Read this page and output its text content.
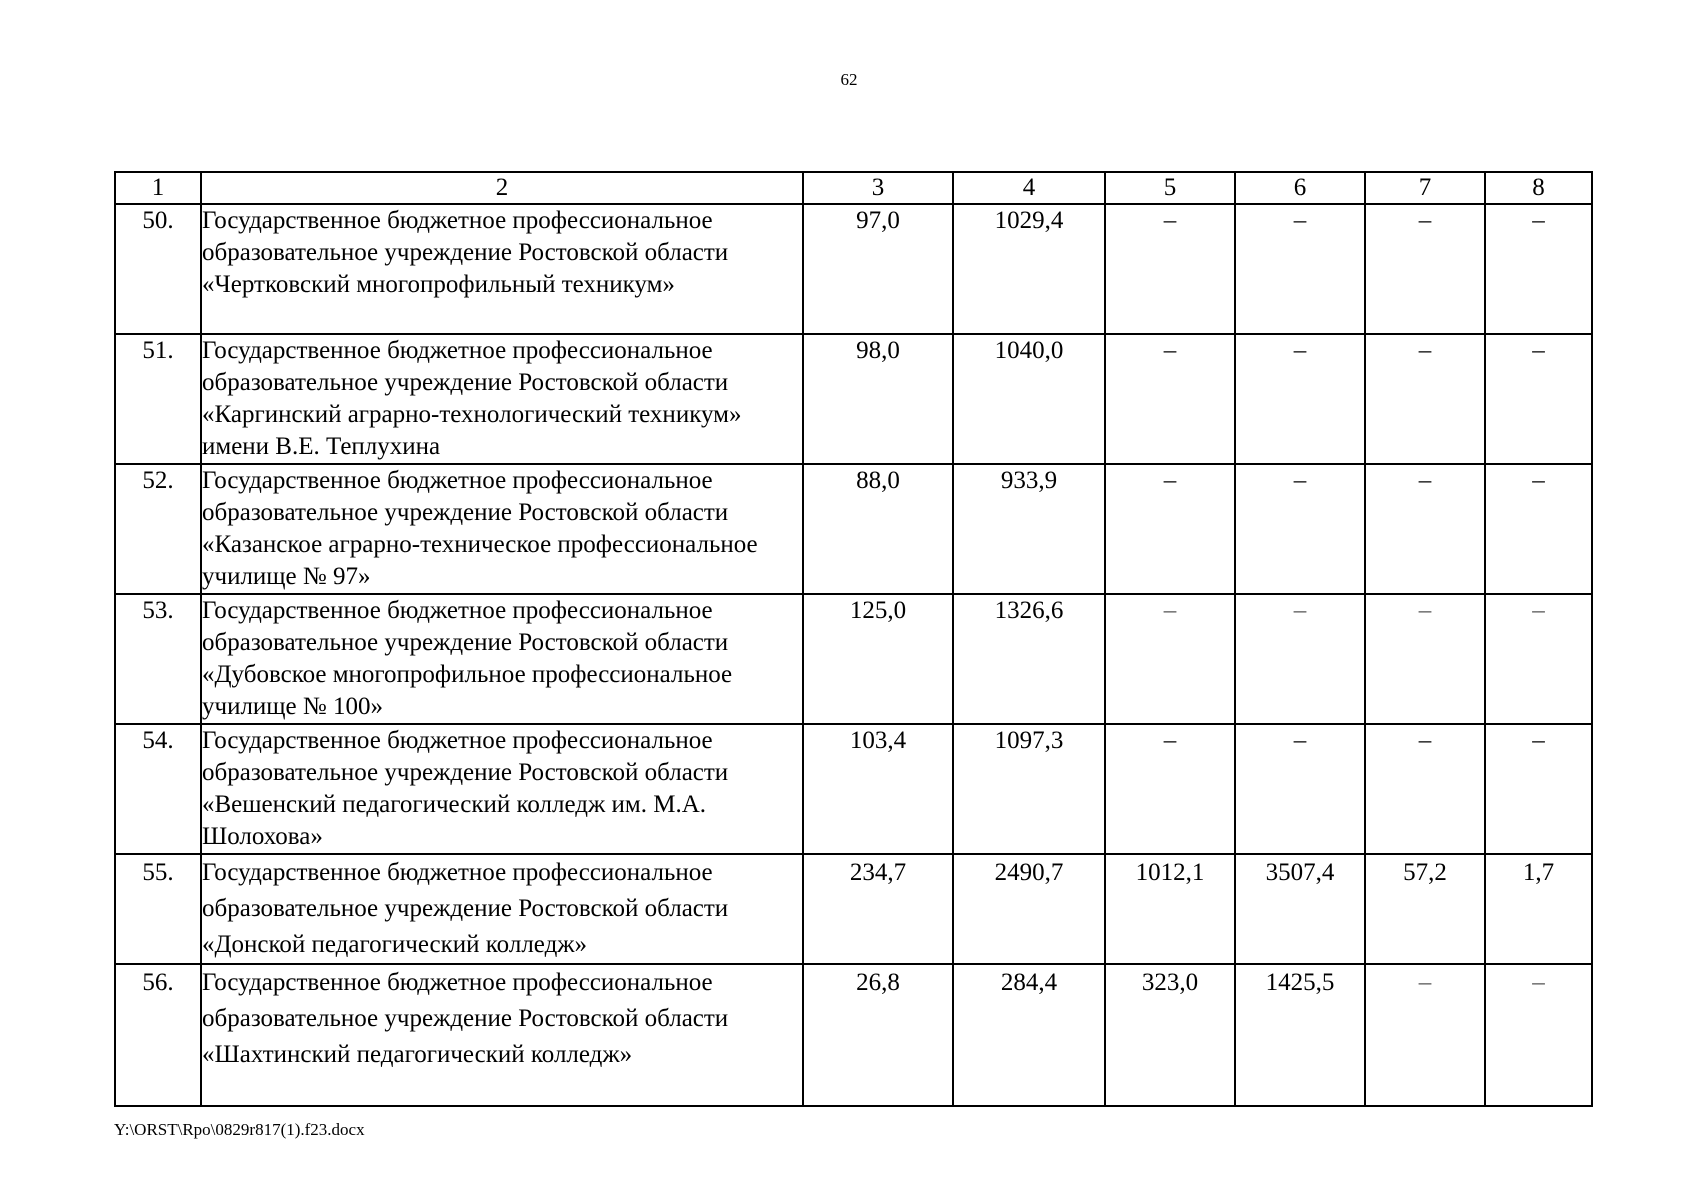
62
1	2	3	4	5	6	7	8
50.	Государственное бюджетное профессиональное образовательное учреждение Ростовской области «Чертковский многопрофильный техникум»	97,0	1029,4	–	–	–	–
51.	Государственное бюджетное профессиональное образовательное учреждение Ростовской области «Каргинский аграрно-технологический техникум» имени В.Е. Теплухина	98,0	1040,0	–	–	–	–
52.	Государственное бюджетное профессиональное образовательное учреждение Ростовской области «Казанское аграрно-техническое профессиональное училище № 97»	88,0	933,9	–	–	–	–
53.	Государственное бюджетное профессиональное образовательное учреждение Ростовской области «Дубовское многопрофильное профессиональное училище № 100»	125,0	1326,6	–	–	–	–
54.	Государственное бюджетное профессиональное образовательное учреждение Ростовской области «Вешенский педагогический колледж им. М.А. Шолохова»	103,4	1097,3	–	–	–	–
55.	Государственное бюджетное профессиональное образовательное учреждение Ростовской области «Донской педагогический колледж»	234,7	2490,7	1012,1	3507,4	57,2	1,7
56.	Государственное бюджетное профессиональное образовательное учреждение Ростовской области «Шахтинский педагогический колледж»	26,8	284,4	323,0	1425,5	–	–
Y:\ORST\Rpo\0829r817(1).f23.docx
